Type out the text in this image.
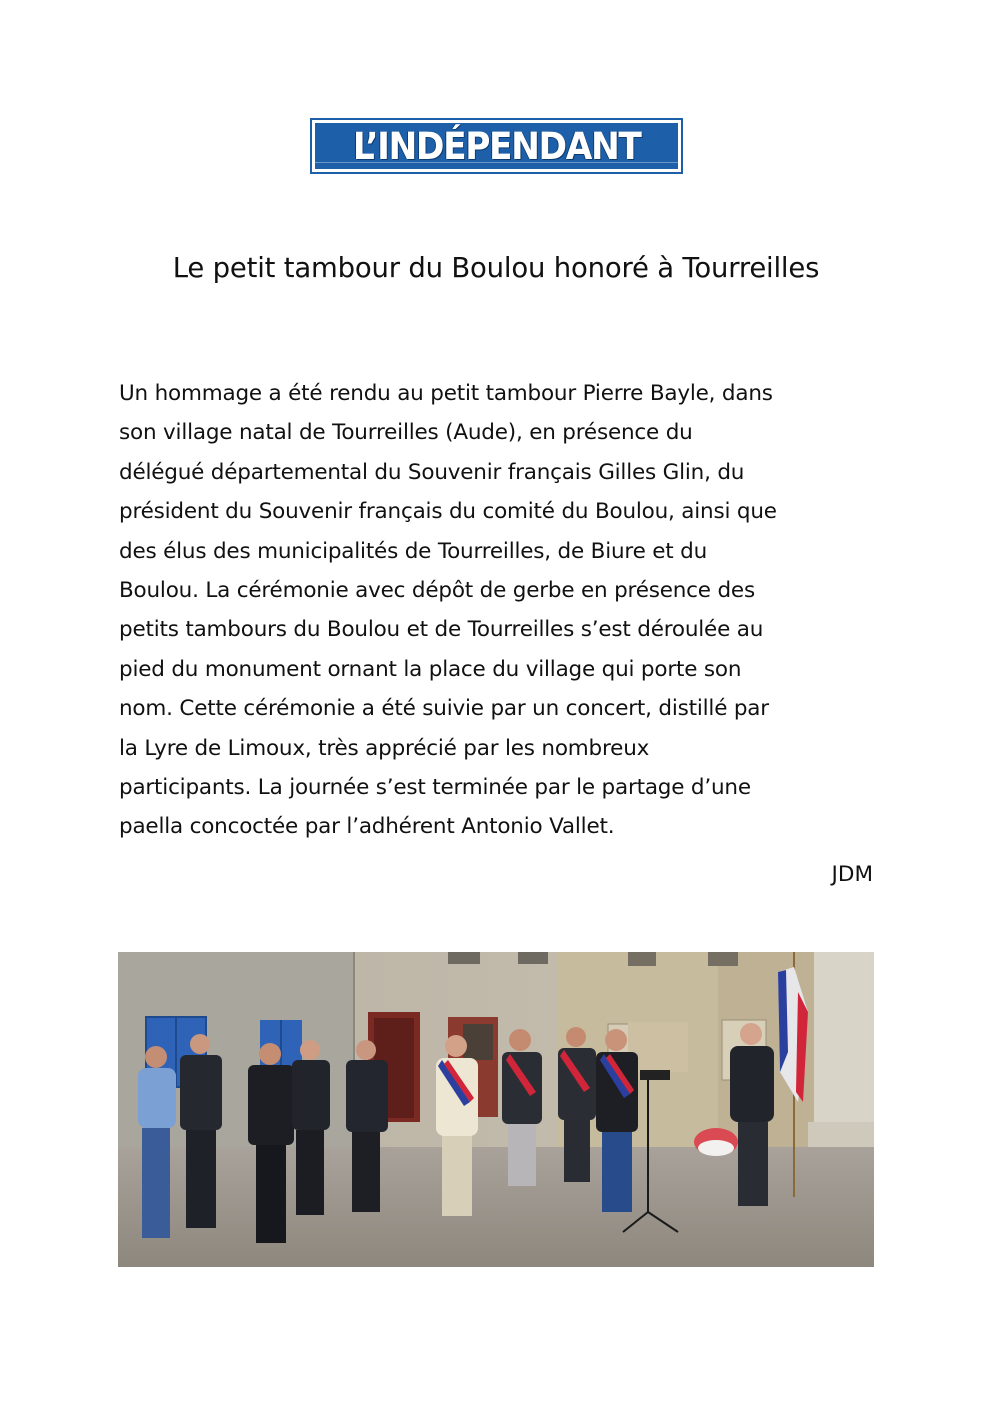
L’INDÉPENDANT
Le petit tambour du Boulou honoré à Tourreilles

Un hommage a été rendu au petit tambour Pierre Bayle, dans
son village natal de Tourreilles (Aude), en présence du
délégué départemental du Souvenir français Gilles Glin, du
président du Souvenir français du comité du Boulou, ainsi que
des élus des municipalités de Tourreilles, de Biure et du
Boulou. La cérémonie avec dépôt de gerbe en présence des
petits tambours du Boulou et de Tourreilles s’est déroulée au
pied du monument ornant la place du village qui porte son
nom. Cette cérémonie a été suivie par un concert, distillé par
la Lyre de Limoux, très apprécié par les nombreux
participants. La journée s’est terminée par le partage d’une
paella concoctée par l’adhérent Antonio Vallet.

JDM
